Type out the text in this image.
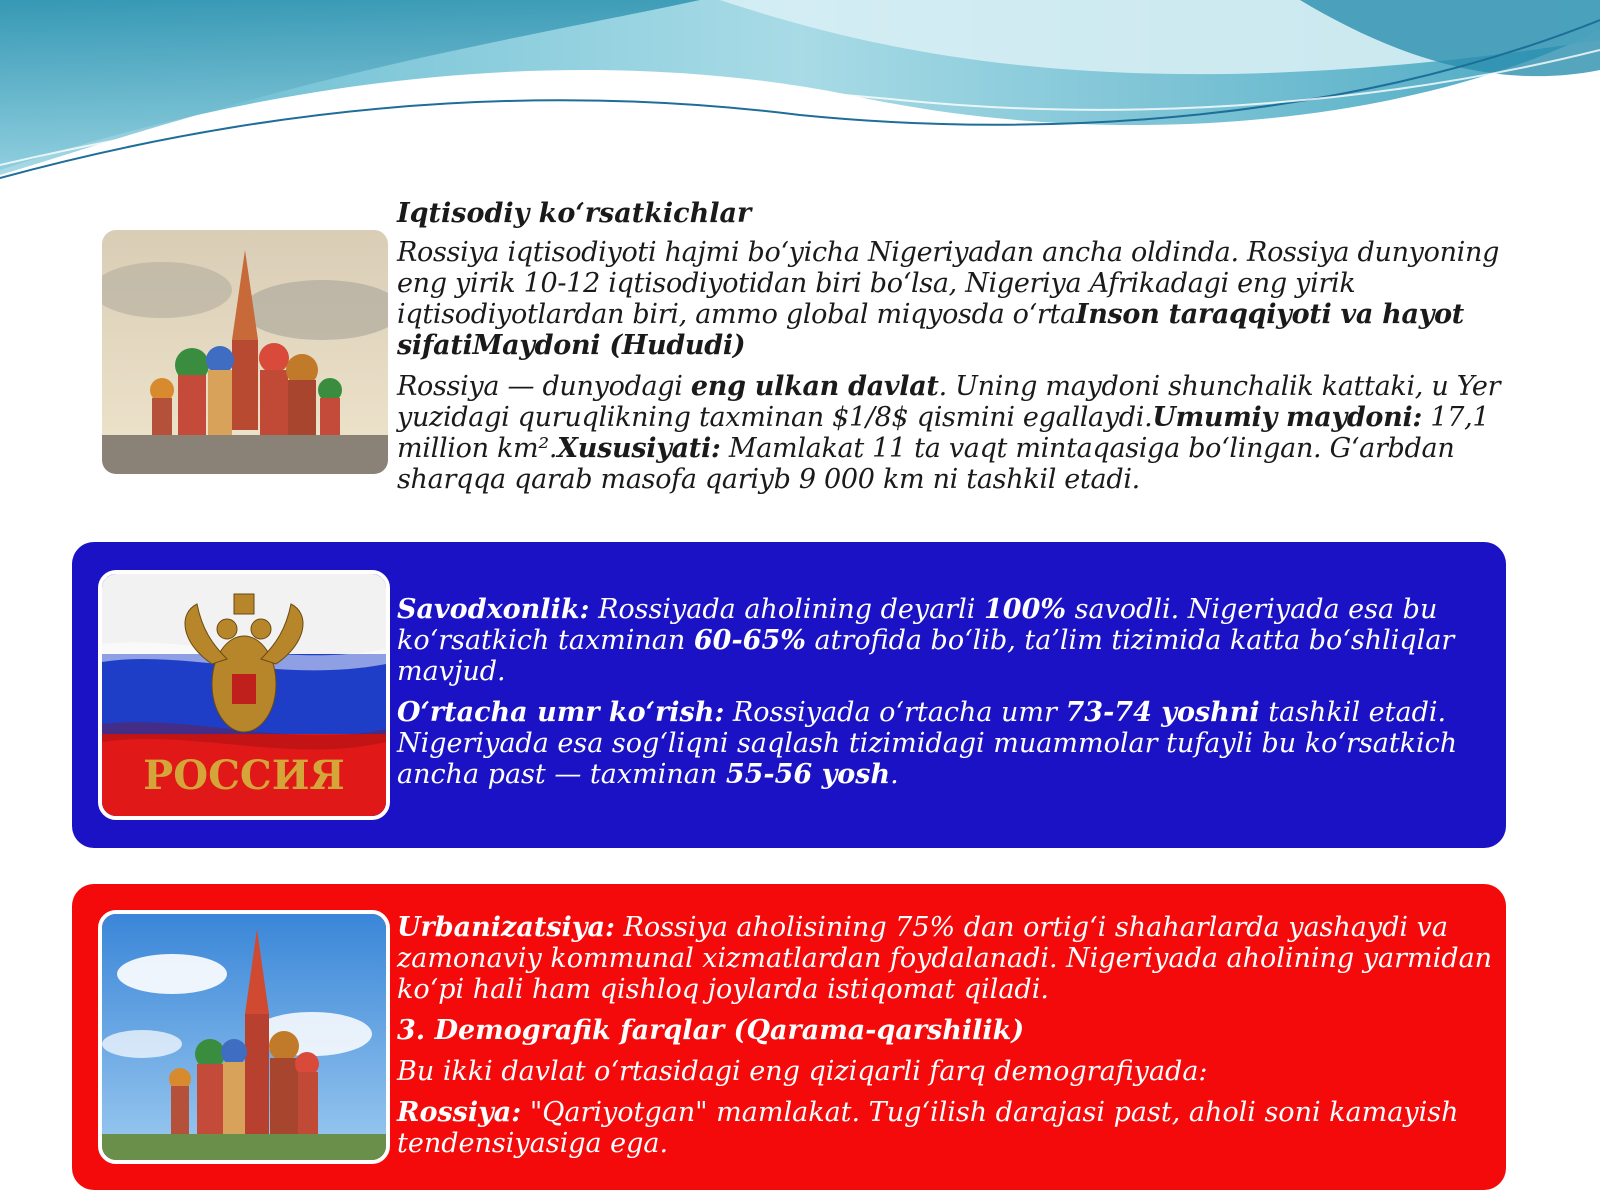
Iqtisodiy ko‘rsatkichlar

Rossiya iqtisodiyoti hajmi bo‘yicha Nigeriyadan ancha oldinda. Rossiya dunyoning eng yirik 10-12 iqtisodiyotidan biri bo‘lsa, Nigeriya Afrikadagi eng yirik iqtisodiyotlardan biri, ammo global miqyosda o‘rtaInson taraqqiyoti va hayot sifatiMaydoni (Hududi)

Rossiya — dunyodagi eng ulkan davlat. Uning maydoni shunchalik kattaki, u Yer yuzidagi quruqlikning taxminan $1/8$ qismini egallaydi.Umumiy maydoni: 17,1 million km².Xususiyati: Mamlakat 11 ta vaqt mintaqasiga bo‘lingan. G‘arbdan sharqqa qarab masofa qariyb 9 000 km ni tashkil etadi.

РОССИЯ

Savodxonlik: Rossiyada aholining deyarli 100% savodli. Nigeriyada esa bu ko‘rsatkich taxminan 60-65% atrofida bo‘lib, ta’lim tizimida katta bo‘shliqlar mavjud.

O‘rtacha umr ko‘rish: Rossiyada o‘rtacha umr 73-74 yoshni tashkil etadi. Nigeriyada esa sog‘liqni saqlash tizimidagi muammolar tufayli bu ko‘rsatkich ancha past — taxminan 55-56 yosh.

Urbanizatsiya: Rossiya aholisining 75% dan ortig‘i shaharlarda yashaydi va zamonaviy kommunal xizmatlardan foydalanadi. Nigeriyada aholining yarmidan ko‘pi hali ham qishloq joylarda istiqomat qiladi.

3. Demografik farqlar (Qarama-qarshilik)

Bu ikki davlat o‘rtasidagi eng qiziqarli farq demografiyada:

Rossiya: "Qariyotgan" mamlakat. Tug‘ilish darajasi past, aholi soni kamayish tendensiyasiga ega.
